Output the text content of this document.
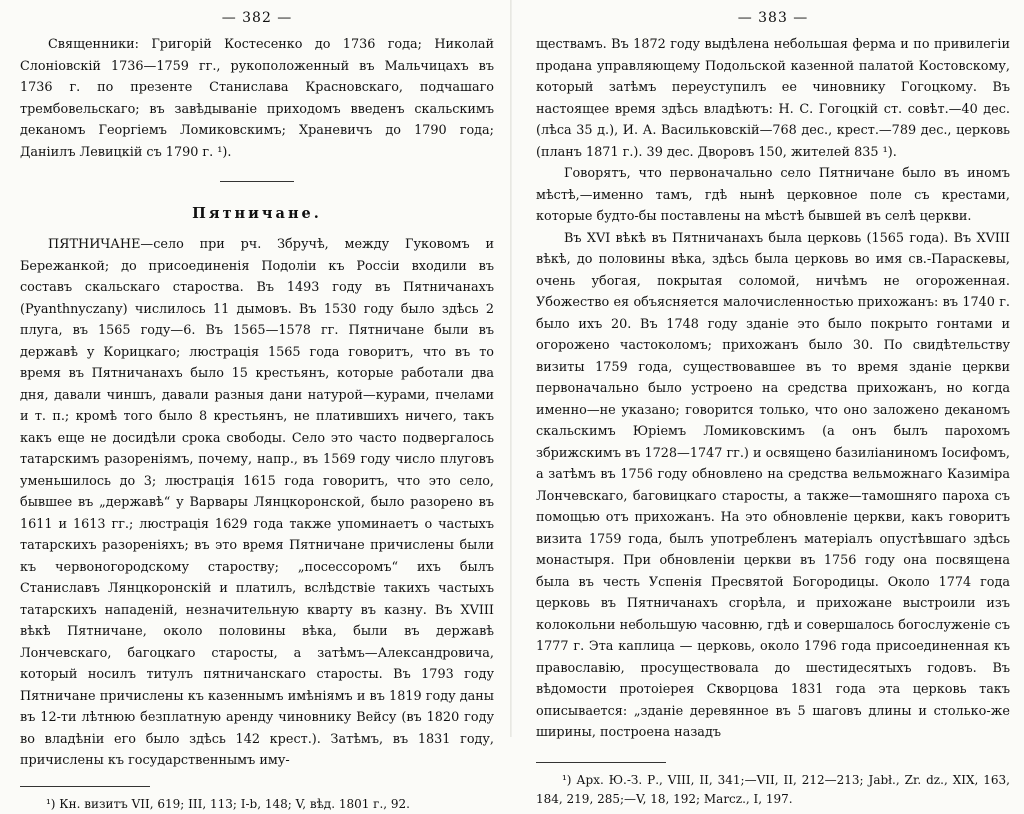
— 382 —

Священники: Григорій Костесенко до 1736 года; Николай Слоніовскій 1736—1759 гг., рукоположенный въ Мальчицахъ въ 1736 г. по презенте Станислава Красновскаго, подчашаго трембовельскаго; въ завѣдываніе приходомъ введенъ скальскимъ деканомъ Георгіемъ Ломиковскимъ; Хранeвичъ до 1790 года; Даніилъ Левицкій съ 1790 г. ¹).

Пятничане.

ПЯТНИЧАНЕ—село при рч. Збручѣ, между Гуковомъ и Бережанкой; до присоединенія Подоліи къ Россіи входили въ составъ скальскаго староства. Въ 1493 году въ Пятничанахъ (Pyanthnyczany) числилось 11 дымовъ. Въ 1530 году было здѣсь 2 плуга, въ 1565 году—6. Въ 1565—1578 гг. Пятничане были въ державѣ у Корицкаго; люстрація 1565 года говоритъ, что въ то время въ Пятничанахъ было 15 крестьянъ, которые работали два дня, давали чиншъ, давали разныя дани натурой—курами, пчелами и т. п.; кромѣ того было 8 крестьянъ, не платившихъ ничего, такъ какъ еще не досидѣли срока свободы. Село это часто подвергалось татарскимъ разореніямъ, почему, напр., въ 1569 году число плуговъ уменьшилось до 3; люстрація 1615 года говоритъ, что это село, бывшее въ „державѣ“ у Варвары Лянцкоронской, было разорено въ 1611 и 1613 гг.; люстрація 1629 года также упоминаетъ о частыхъ татарскихъ разореніяхъ; въ это время Пятничане причислены были къ червоногородскому староству; „посессоромъ“ ихъ былъ Станиславъ Лянцкоронскій и платилъ, вслѣдствіе такихъ частыхъ татарскихъ нападеній, незначительную кварту въ казну. Въ XVIII вѣкѣ Пятничане, около половины вѣка, были въ державѣ Лончевскаго, багоцкаго старосты, а затѣмъ—Александровича, который носилъ титулъ пятничанскаго старосты. Въ 1793 году Пятничане причислены къ казеннымъ имѣніямъ и въ 1819 году даны въ 12-ти лѣтнюю безплатную аренду чиновнику Вейсу (въ 1820 году во владѣніи его было здѣсь 142 крест.). Затѣмъ, въ 1831 году, причислены къ государственнымъ иму-

¹) Кн. визитъ VII, 619; III, 113; I-b, 148; V, вѣд. 1801 г., 92.

— 383 —

ществамъ. Въ 1872 году выдѣлена небольшая ферма и по привилегіи продана управляющему Подольской казенной палатой Костовскому, который затѣмъ переуступилъ ее чиновнику Гогоцкому. Въ настоящее время здѣсь владѣютъ: Н. С. Гогоцкій ст. совѣт.—40 дес. (лѣса 35 д.), И. А. Васильковскій—768 дес., крест.—789 дес., церковь (планъ 1871 г.). 39 дес. Дворовъ 150, жителей 835 ¹).

Говорятъ, что первоначально село Пятничане было въ иномъ мѣстѣ,—именно тамъ, гдѣ нынѣ церковное поле съ крестами, которые будто-бы поставлены на мѣстѣ бывшей въ селѣ церкви.

Въ XVI вѣкѣ въ Пятничанахъ была церковь (1565 года). Въ XVIII вѣкѣ, до половины вѣка, здѣсь была церковь во имя св.-Параскевы, очень убогая, покрытая соломой, ничѣмъ не огороженная. Убожество ея объясняется малочисленностью прихожанъ: въ 1740 г. было ихъ 20. Въ 1748 году зданіе это было покрыто гонтами и огорожено частоколомъ; прихожанъ было 30. По свидѣтельству визиты 1759 года, существовавшее въ то время зданіе церкви первоначально было устроено на средства прихожанъ, но когда именно—не указано; говорится только, что оно заложено деканомъ скальскимъ Юріемъ Ломиковскимъ (а онъ былъ парохомъ збрижскимъ въ 1728—1747 гг.) и освящено базиліаниномъ Іосифомъ, а затѣмъ въ 1756 году обновлено на средства вельможнаго Казиміра Лончевскаго, баговицкаго старосты, а также—тамошняго пароха съ помощью отъ прихожанъ. На это обновленіе церкви, какъ говоритъ визита 1759 года, былъ употребленъ матеріалъ опустѣвшаго здѣсь монастыря. При обновленіи церкви въ 1756 году она посвящена была въ честь Успенія Пресвятой Богородицы. Около 1774 года церковь въ Пятничанахъ сгорѣла, и прихожане выстроили изъ колокольни небольшую часовню, гдѣ и совершалось богослуженіе съ 1777 г. Эта каплица — церковь, около 1796 года присоединенная къ православію, просуществовала до шестидесятыхъ годовъ. Въ вѣдомости протоіерея Скворцова 1831 года эта церковь такъ описывается: „зданіе деревянное въ 5 шаговъ длины и столько-же ширины, построена назадъ

¹) Арх. Ю.-З. Р., VIII, II, 341;—VII, II, 212—213; Jabł., Zr. dz., XIX, 163, 184, 219, 285;—V, 18, 192; Marcz., I, 197.
